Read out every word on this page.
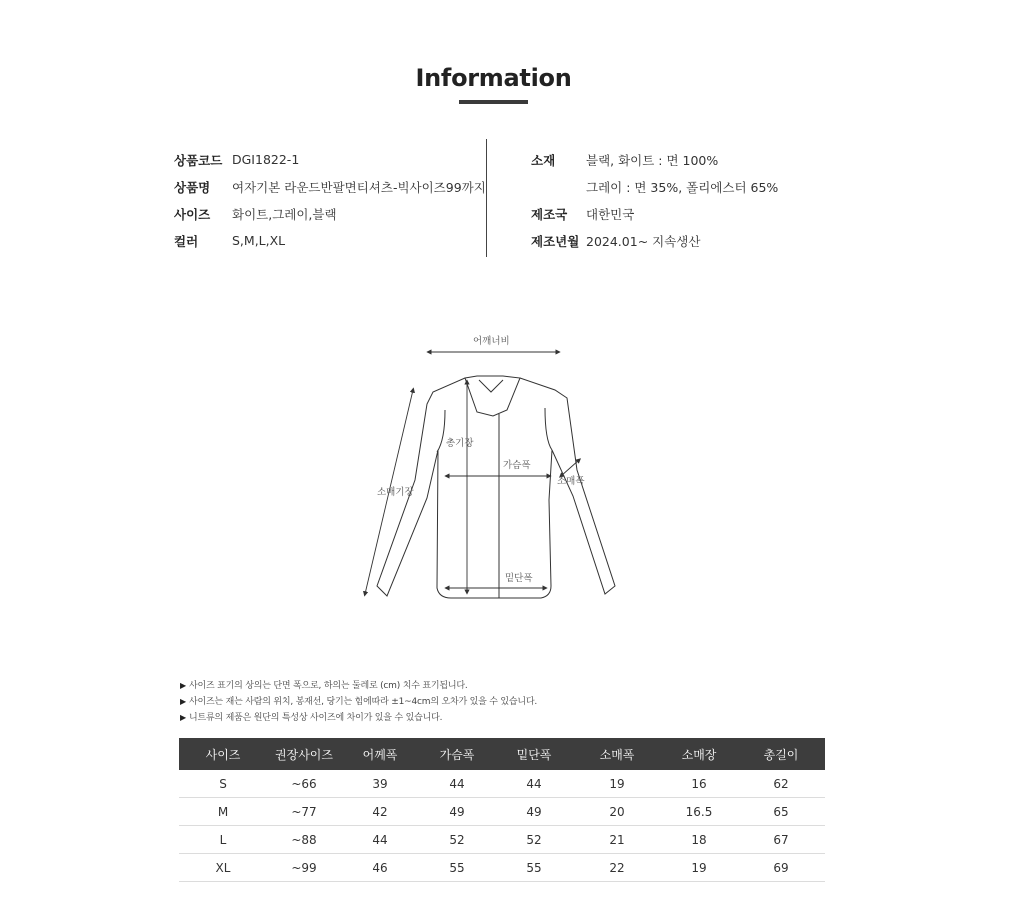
Information
상품코드 DGI1822-1
상품명	여자기본 라운드반팔면티셔츠-빅사이즈99까지
사이즈	화이트,그레이,블랙
컬러	S,M,L,XL
소재	블랙, 화이트 : 면 100%
그레이 : 면 35%, 폴리에스터 65%
제조국	대한민국
제조년월 2024.01~ 지속생산
어깨너비
총기장
가슴폭
소매폭
소매기장
밑단폭
▶ 사이즈 표기의 상의는 단면 폭으로, 하의는 둘레로 (cm) 치수 표기됩니다.
▶ 사이즈는 재는 사람의 위치, 봉재선, 당기는 힘에따라 ±1~4cm의 오차가 있을 수 있습니다.
▶ 니트류의 제품은 원단의 특성상 사이즈에 차이가 있을 수 있습니다.
사이즈	권장사이즈	어께폭	가슴폭	밑단폭	소매폭	소매장	총길이
S	~66	39	44	44	19	16	62
M	~77	42	49	49	20	16.5	65
L	~88	44	52	52	21	18	67
XL	~99	46	55	55	22	19	69
